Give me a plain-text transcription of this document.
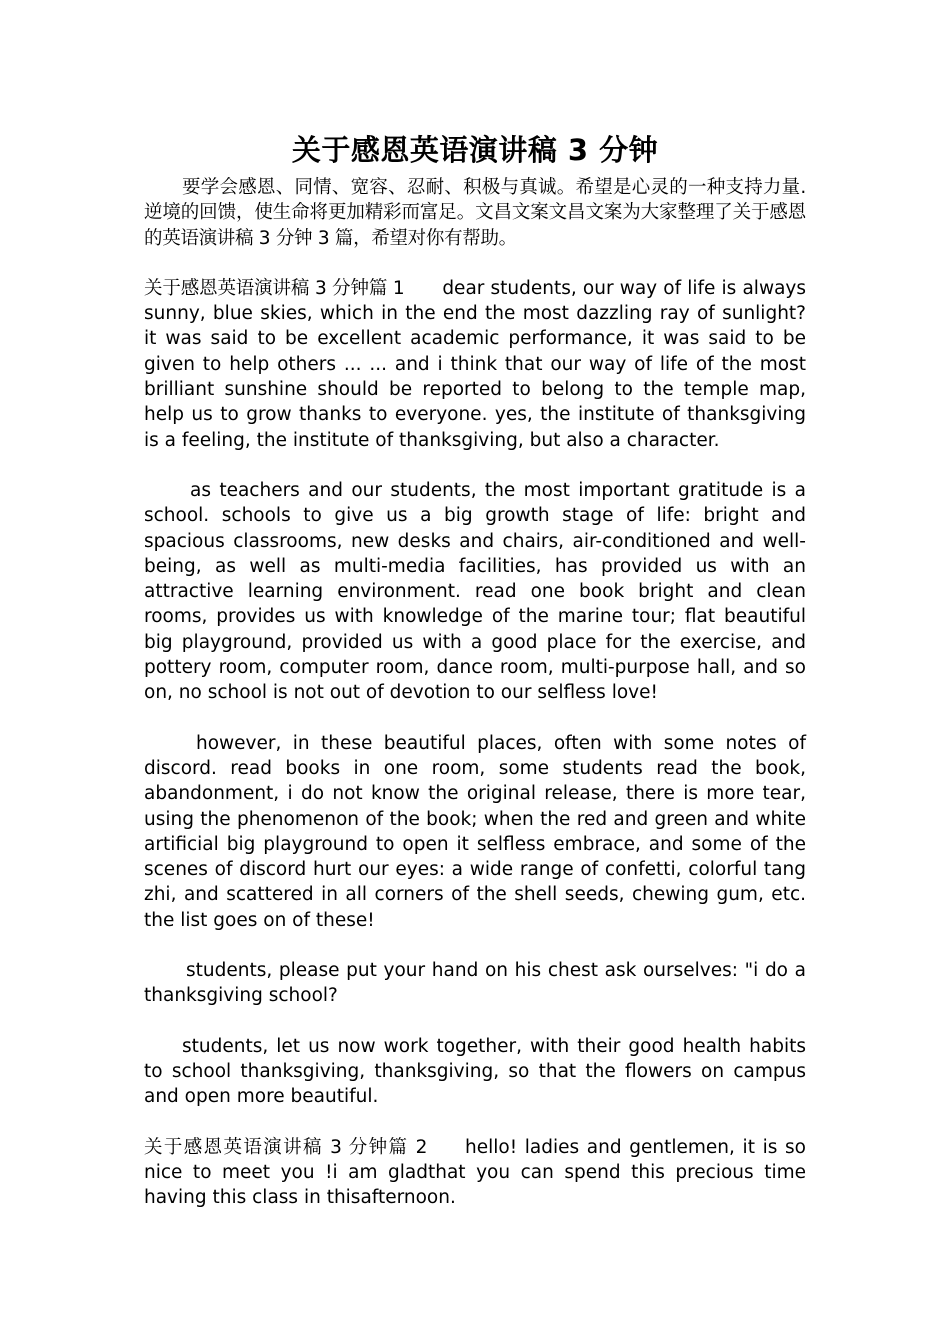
关于感恩英语演讲稿 3 分钟

要学会感恩、同情、宽容、忍耐、积极与真诚。希望是心灵的一种支持力量.逆境的回馈，使生命将更加精彩而富足。文昌文案文昌文案为大家整理了关于感恩的英语演讲稿 3 分钟 3 篇，希望对你有帮助。

关于感恩英语演讲稿 3 分钟篇 1 dear students, our way of life is always sunny, blue skies, which in the end the most dazzling ray of sunlight? it was said to be excellent academic performance, it was said to be given to help others ... ... and i think that our way of life of the most brilliant sunshine should be reported to belong to the temple map, help us to grow thanks to everyone. yes, the institute of thanksgiving is a feeling, the institute of thanksgiving, but also a character.

as teachers and our students, the most important gratitude is a school. schools to give us a big growth stage of life: bright and spacious classrooms, new desks and chairs, air-conditioned and well-being, as well as multi-media facilities, has provided us with an attractive learning environment. read one book bright and clean rooms, provides us with knowledge of the marine tour; flat beautiful big playground, provided us with a good place for the exercise, and pottery room, computer room, dance room, multi-purpose hall, and so on, no school is not out of devotion to our selfless love!

however, in these beautiful places, often with some notes of discord. read books in one room, some students read the book, abandonment, i do not know the original release, there is more tear, using the phenomenon of the book; when the red and green and white artificial big playground to open it selfless embrace, and some of the scenes of discord hurt our eyes: a wide range of confetti, colorful tang zhi, and scattered in all corners of the shell seeds, chewing gum, etc. the list goes on of these!

students, please put your hand on his chest ask ourselves: "i do a thanksgiving school?

students, let us now work together, with their good health habits to school thanksgiving, thanksgiving, so that the flowers on campus and open more beautiful.

关于感恩英语演讲稿 3 分钟篇 2 hello! ladies and gentlemen, it is so nice to meet you !i am gladthat you can spend this precious time having this class in thisafternoon.
